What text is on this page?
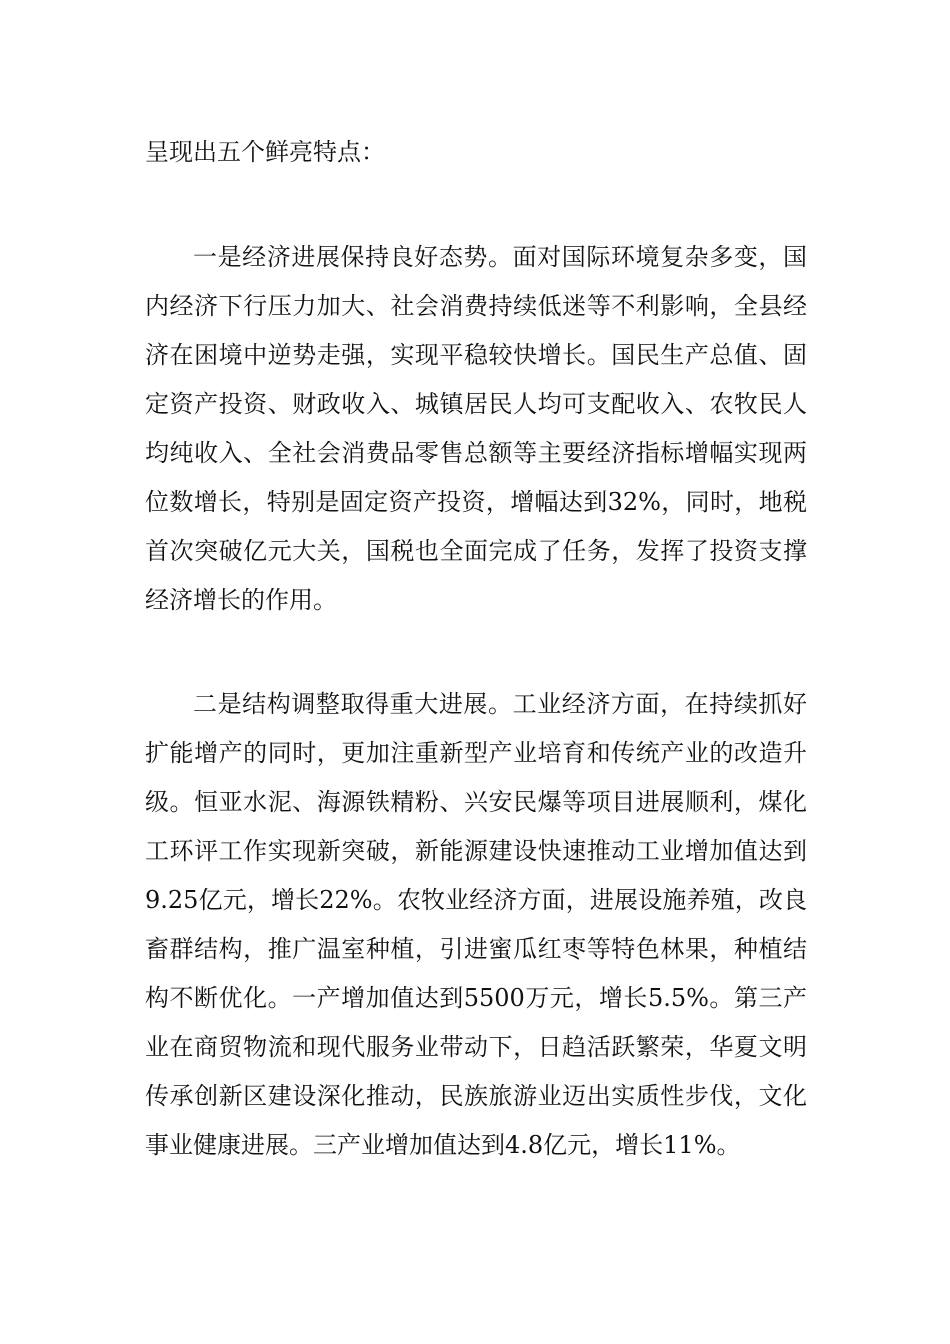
呈现出五个鲜亮特点：

一是经济进展保持良好态势。面对国际环境复杂多变，国内经济下行压力加大、社会消费持续低迷等不利影响，全县经济在困境中逆势走强，实现平稳较快增长。国民生产总值、固定资产投资、财政收入、城镇居民人均可支配收入、农牧民人均纯收入、全社会消费品零售总额等主要经济指标增幅实现两位数增长，特别是固定资产投资，增幅达到32%，同时，地税首次突破亿元大关，国税也全面完成了任务，发挥了投资支撑经济增长的作用。

二是结构调整取得重大进展。工业经济方面，在持续抓好扩能增产的同时，更加注重新型产业培育和传统产业的改造升级。恒亚水泥、海源铁精粉、兴安民爆等项目进展顺利，煤化工环评工作实现新突破，新能源建设快速推动工业增加值达到9.25亿元，增长22%。农牧业经济方面，进展设施养殖，改良畜群结构，推广温室种植，引进蜜瓜红枣等特色林果，种植结构不断优化。一产增加值达到5500万元，增长5.5%。第三产业在商贸物流和现代服务业带动下，日趋活跃繁荣，华夏文明传承创新区建设深化推动，民族旅游业迈出实质性步伐，文化事业健康进展。三产业增加值达到4.8亿元，增长11%。
